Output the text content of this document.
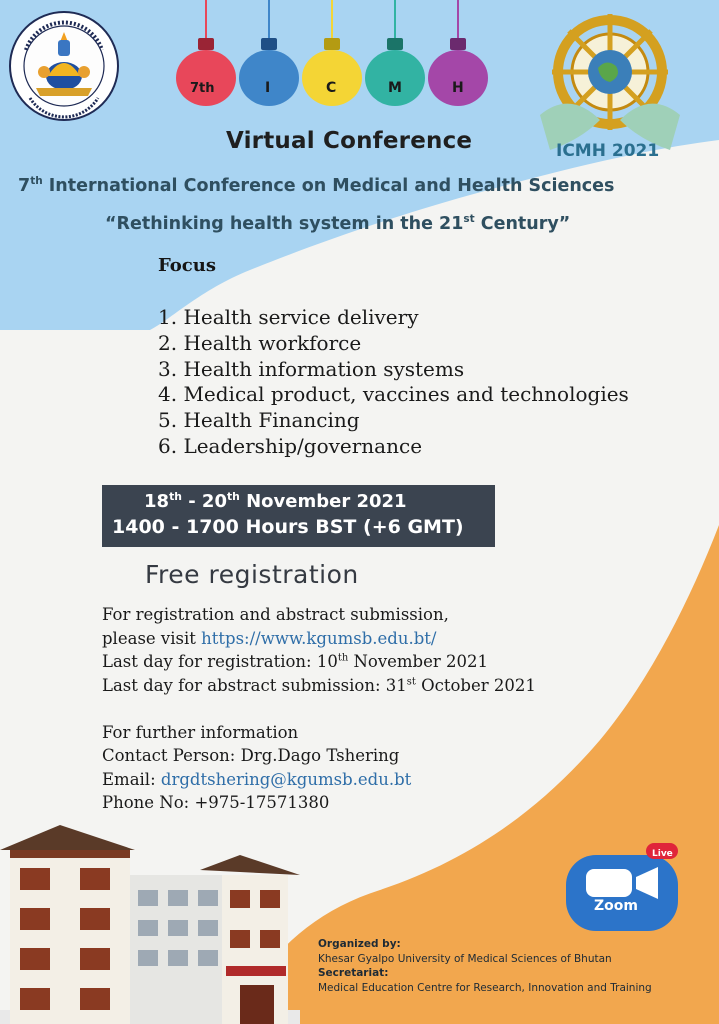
7th	I	C	M	H
Virtual Conference	ICMH 2021
7th International Conference on Medical and Health Sciences
“Rethinking health system in the 21st Century”
Focus
1. Health service delivery
2. Health workforce
3. Health information systems
4. Medical product, vaccines and technologies
5. Health Financing
6. Leadership/governance
18th - 20th November 2021
1400 - 1700 Hours BST (+6 GMT)
Free registration
For registration and abstract submission,
please visit https://www.kgumsb.edu.bt/
Last day for registration: 10th November 2021
Last day for abstract submission: 31st October 2021
For further information
Contact Person: Drg.Dago Tshering
Email: drgdtshering@kgumsb.edu.bt
Phone No: +975-17571380
Zoom
Live
Organized by:
Khesar Gyalpo University of Medical Sciences of Bhutan
Secretariat:
Medical Education Centre for Research, Innovation and Training
